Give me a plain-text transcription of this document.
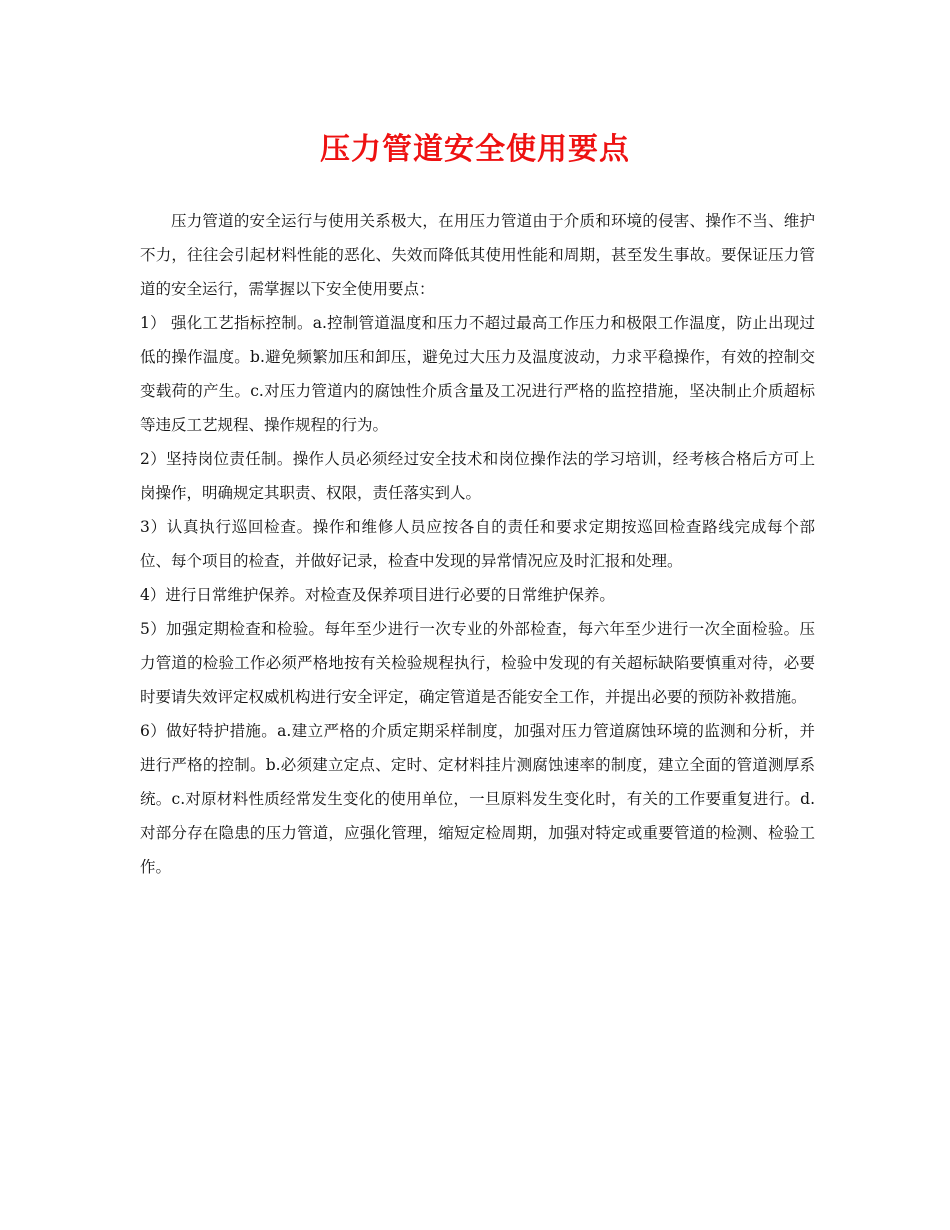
压力管道安全使用要点

压力管道的安全运行与使用关系极大，在用压力管道由于介质和环境的侵害、操作不当、维护不力，往往会引起材料性能的恶化、失效而降低其使用性能和周期，甚至发生事故。要保证压力管道的安全运行，需掌握以下安全使用要点：

1） 强化工艺指标控制。a.控制管道温度和压力不超过最高工作压力和极限工作温度，防止出现过低的操作温度。b.避免频繁加压和卸压，避免过大压力及温度波动，力求平稳操作，有效的控制交变载荷的产生。c.对压力管道内的腐蚀性介质含量及工况进行严格的监控措施，坚决制止介质超标等违反工艺规程、操作规程的行为。

2）坚持岗位责任制。操作人员必须经过安全技术和岗位操作法的学习培训，经考核合格后方可上岗操作，明确规定其职责、权限，责任落实到人。

3）认真执行巡回检查。操作和维修人员应按各自的责任和要求定期按巡回检查路线完成每个部位、每个项目的检查，并做好记录，检查中发现的异常情况应及时汇报和处理。

4）进行日常维护保养。对检查及保养项目进行必要的日常维护保养。

5）加强定期检查和检验。每年至少进行一次专业的外部检查，每六年至少进行一次全面检验。压力管道的检验工作必须严格地按有关检验规程执行，检验中发现的有关超标缺陷要慎重对待，必要时要请失效评定权威机构进行安全评定，确定管道是否能安全工作，并提出必要的预防补救措施。

6）做好特护措施。a.建立严格的介质定期采样制度，加强对压力管道腐蚀环境的监测和分析，并进行严格的控制。b.必须建立定点、定时、定材料挂片测腐蚀速率的制度，建立全面的管道测厚系统。c.对原材料性质经常发生变化的使用单位，一旦原料发生变化时，有关的工作要重复进行。d.对部分存在隐患的压力管道，应强化管理，缩短定检周期，加强对特定或重要管道的检测、检验工作。
